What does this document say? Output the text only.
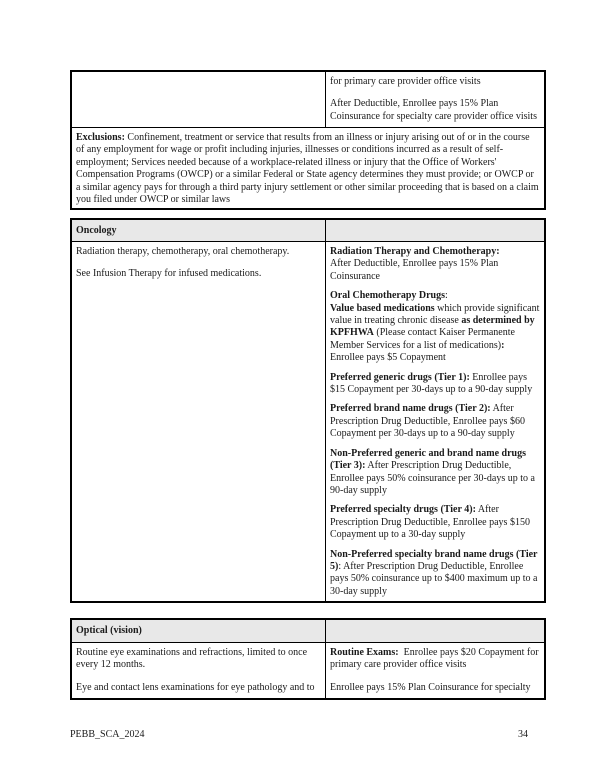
for primary care provider office visits

After Deductible, Enrollee pays 15% Plan Coinsurance for specialty care provider office visits

Exclusions: Confinement, treatment or service that results from an illness or injury arising out of or in the course of any employment for wage or profit including injuries, illnesses or conditions incurred as a result of self-employment; Services needed because of a workplace-related illness or injury that the Office of Workers' Compensation Programs (OWCP) or a similar Federal or State agency determines they must provide; or OWCP or a similar agency pays for through a third party injury settlement or other similar proceeding that is based on a claim you filed under OWCP or similar laws

Oncology

Radiation therapy, chemotherapy, oral chemotherapy.

See Infusion Therapy for infused medications.

Radiation Therapy and Chemotherapy:
After Deductible, Enrollee pays 15% Plan Coinsurance

Oral Chemotherapy Drugs:
Value based medications which provide significant value in treating chronic disease as determined by KPFHWA (Please contact Kaiser Permanente Member Services for a list of medications): Enrollee pays $5 Copayment

Preferred generic drugs (Tier 1): Enrollee pays $15 Copayment per 30-days up to a 90-day supply

Preferred brand name drugs (Tier 2): After Prescription Drug Deductible, Enrollee pays $60 Copayment per 30-days up to a 90-day supply

Non-Preferred generic and brand name drugs (Tier 3): After Prescription Drug Deductible, Enrollee pays 50% coinsurance per 30-days up to a 90-day supply

Preferred specialty drugs (Tier 4): After Prescription Drug Deductible, Enrollee pays $150 Copayment up to a 30-day supply

Non-Preferred specialty brand name drugs (Tier 5): After Prescription Drug Deductible, Enrollee pays 50% coinsurance up to $400 maximum up to a 30-day supply

Optical (vision)

Routine eye examinations and refractions, limited to once every 12 months.

Eye and contact lens examinations for eye pathology and to

Routine Exams:  Enrollee pays $20 Copayment for primary care provider office visits

Enrollee pays 15% Plan Coinsurance for specialty

PEBB_SCA_2024	34
